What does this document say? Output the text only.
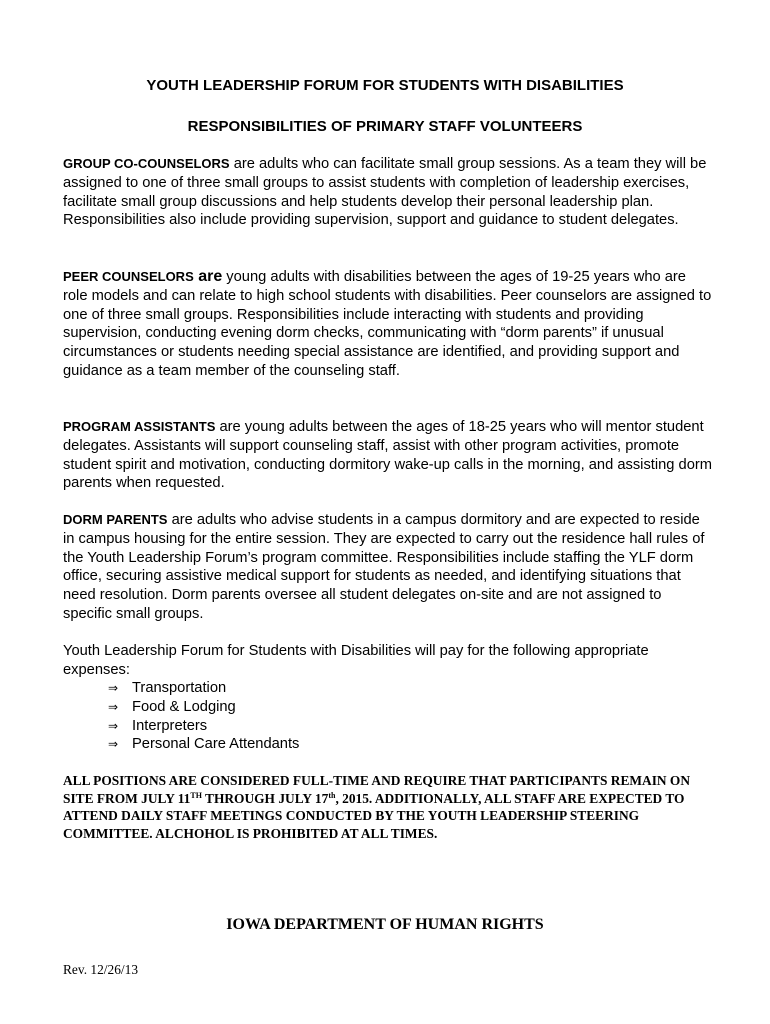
YOUTH LEADERSHIP FORUM FOR STUDENTS WITH DISABILITIES
RESPONSIBILITIES OF PRIMARY STAFF VOLUNTEERS

GROUP CO-COUNSELORS are adults who can facilitate small group sessions. As a team they will be assigned to one of three small groups to assist students with completion of leadership exercises, facilitate small group discussions and help students develop their personal leadership plan. Responsibilities also include providing supervision, support and guidance to student delegates.

PEER COUNSELORS are young adults with disabilities between the ages of 19-25 years who are role models and can relate to high school students with disabilities. Peer counselors are assigned to one of three small groups. Responsibilities include interacting with students and providing supervision, conducting evening dorm checks, communicating with “dorm parents” if unusual circumstances or students needing special assistance are identified, and providing support and guidance as a team member of the counseling staff.

PROGRAM ASSISTANTS are young adults between the ages of 18-25 years who will mentor student delegates. Assistants will support counseling staff, assist with other program activities, promote student spirit and motivation, conducting dormitory wake-up calls in the morning, and assisting dorm parents when requested.

DORM PARENTS are adults who advise students in a campus dormitory and are expected to reside in campus housing for the entire session. They are expected to carry out the residence hall rules of the Youth Leadership Forum’s program committee. Responsibilities include staffing the YLF dorm office, securing assistive medical support for students as needed, and identifying situations that need resolution. Dorm parents oversee all student delegates on-site and are not assigned to specific small groups.

Youth Leadership Forum for Students with Disabilities will pay for the following appropriate expenses:

⇒ Transportation
⇒ Food & Lodging
⇒ Interpreters
⇒ Personal Care Attendants

ALL POSITIONS ARE CONSIDERED FULL-TIME AND REQUIRE THAT PARTICIPANTS REMAIN ON SITE FROM JULY 11TH THROUGH JULY 17th, 2015. ADDITIONALLY, ALL STAFF ARE EXPECTED TO ATTEND DAILY STAFF MEETINGS CONDUCTED BY THE YOUTH LEADERSHIP STEERING COMMITTEE. ALCHOHOL IS PROHIBITED AT ALL TIMES.

IOWA DEPARTMENT OF HUMAN RIGHTS

Rev. 12/26/13
